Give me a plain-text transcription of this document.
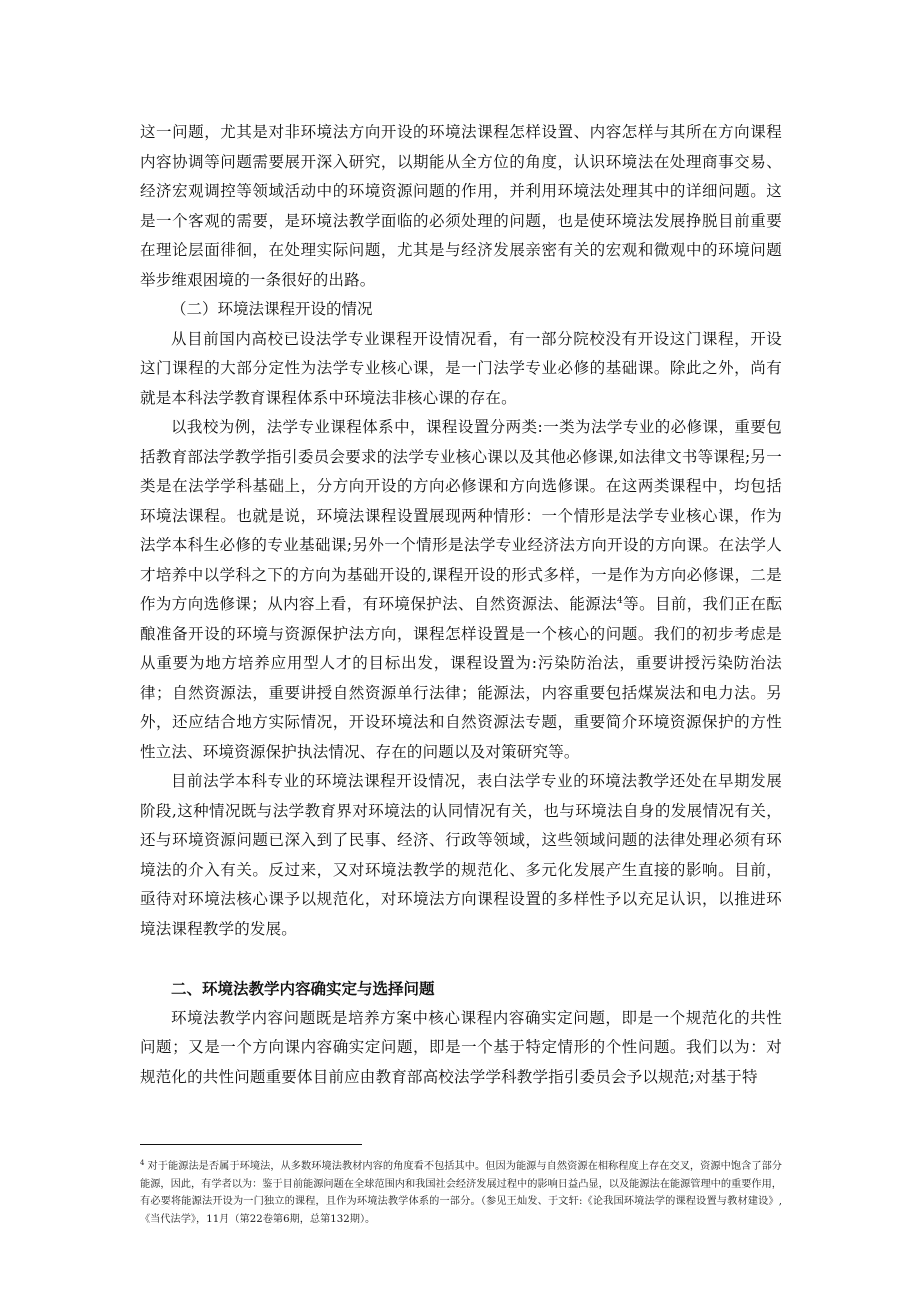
这一问题，尤其是对非环境法方向开设的环境法课程怎样设置、内容怎样与其所在方向课程内容协调等问题需要展开深入研究，以期能从全方位的角度，认识环境法在处理商事交易、经济宏观调控等领域活动中的环境资源问题的作用，并利用环境法处理其中的详细问题。这是一个客观的需要，是环境法教学面临的必须处理的问题，也是使环境法发展挣脱目前重要在理论层面徘徊，在处理实际问题，尤其是与经济发展亲密有关的宏观和微观中的环境问题举步维艰困境的一条很好的出路。

（二）环境法课程开设的情况

从目前国内高校已设法学专业课程开设情况看，有一部分院校没有开设这门课程，开设这门课程的大部分定性为法学专业核心课，是一门法学专业必修的基础课。除此之外，尚有就是本科法学教育课程体系中环境法非核心课的存在。

以我校为例，法学专业课程体系中，课程设置分两类:一类为法学专业的必修课，重要包括教育部法学教学指引委员会要求的法学专业核心课以及其他必修课,如法律文书等课程;另一类是在法学学科基础上，分方向开设的方向必修课和方向选修课。在这两类课程中，均包括环境法课程。也就是说，环境法课程设置展现两种情形：一个情形是法学专业核心课，作为法学本科生必修的专业基础课;另外一个情形是法学专业经济法方向开设的方向课。在法学人才培养中以学科之下的方向为基础开设的,课程开设的形式多样，一是作为方向必修课，二是作为方向选修课；从内容上看，有环境保护法、自然资源法、能源法$^4$等。目前，我们正在酝酿准备开设的环境与资源保护法方向，课程怎样设置是一个核心的问题。我们的初步考虑是从重要为地方培养应用型人才的目标出发，课程设置为:污染防治法，重要讲授污染防治法律；自然资源法，重要讲授自然资源单行法律；能源法，内容重要包括煤炭法和电力法。另外，还应结合地方实际情况，开设环境法和自然资源法专题，重要简介环境资源保护的方性性立法、环境资源保护执法情况、存在的问题以及对策研究等。

目前法学本科专业的环境法课程开设情况，表白法学专业的环境法教学还处在早期发展阶段,这种情况既与法学教育界对环境法的认同情况有关，也与环境法自身的发展情况有关，还与环境资源问题已深入到了民事、经济、行政等领域，这些领域问题的法律处理必须有环境法的介入有关。反过来，又对环境法教学的规范化、多元化发展产生直接的影响。目前，亟待对环境法核心课予以规范化，对环境法方向课程设置的多样性予以充足认识，以推进环境法课程教学的发展。

二、环境法教学内容确实定与选择问题

环境法教学内容问题既是培养方案中核心课程内容确实定问题，即是一个规范化的共性问题；又是一个方向课内容确实定问题，即是一个基于特定情形的个性问题。我们以为：对规范化的共性问题重要体目前应由教育部高校法学学科教学指引委员会予以规范;对基于特

$^4$ 对于能源法是否属于环境法，从多数环境法教材内容的角度看不包括其中。但因为能源与自然资源在相称程度上存在交叉，资源中饱含了部分能源，因此，有学者以为：鉴于目前能源问题在全球范围内和我国社会经济发展过程中的影响日益凸显，以及能源法在能源管理中的重要作用，有必要将能源法开设为一门独立的课程，且作为环境法教学体系的一部分。（参见王灿发、于文轩:《论我国环境法学的课程设置与教材建设》,《当代法学》，11月（第22卷第6期，总第132期）。
